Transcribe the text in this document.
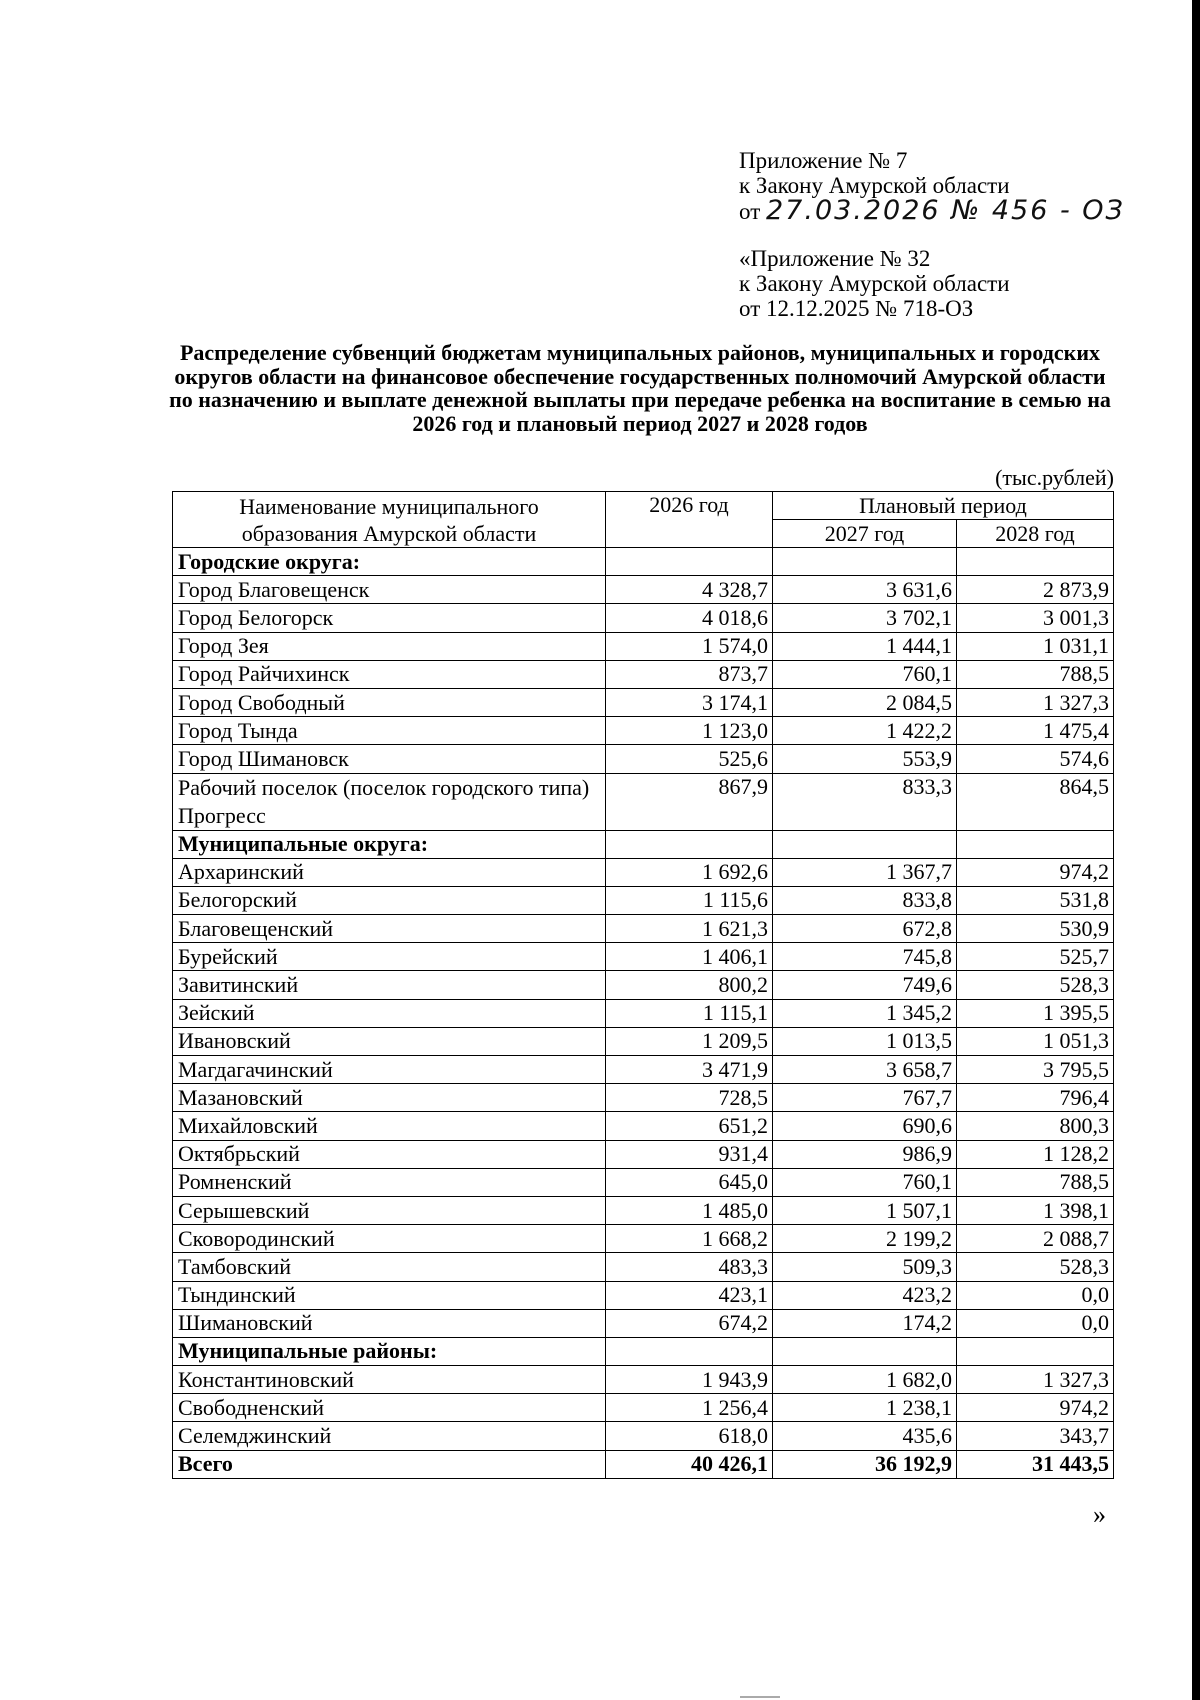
Приложение № 7
к Закону Амурской области
от 27.03.2026 № 456 - ОЗ
«Приложение № 32
к Закону Амурской области
от 12.12.2025 № 718-ОЗ
Распределение субвенций бюджетам муниципальных районов, муниципальных и городских округов области на финансовое обеспечение государственных полномочий Амурской области по назначению и выплате денежной выплаты при передаче ребенка на воспитание в семью на 2026 год и плановый период 2027 и 2028 годов
(тыс.рублей)
Наименование муниципального
образования Амурской области	2026 год	Плановый период	
		2027 год	2028 год
Городские округа:			
Город Благовещенск	4 328,7	3 631,6	2 873,9
Город Белогорск	4 018,6	3 702,1	3 001,3
Город Зея	1 574,0	1 444,1	1 031,1
Город Райчихинск	873,7	760,1	788,5
Город Свободный	3 174,1	2 084,5	1 327,3
Город Тында	1 123,0	1 422,2	1 475,4
Город Шимановск	525,6	553,9	574,6
Рабочий поселок (поселок городского типа) Прогресс	867,9	833,3	864,5
Муниципальные округа:			
Архаринский	1 692,6	1 367,7	974,2
Белогорский	1 115,6	833,8	531,8
Благовещенский	1 621,3	672,8	530,9
Бурейский	1 406,1	745,8	525,7
Завитинский	800,2	749,6	528,3
Зейский	1 115,1	1 345,2	1 395,5
Ивановский	1 209,5	1 013,5	1 051,3
Магдагачинский	3 471,9	3 658,7	3 795,5
Мазановский	728,5	767,7	796,4
Михайловский	651,2	690,6	800,3
Октябрьский	931,4	986,9	1 128,2
Ромненский	645,0	760,1	788,5
Серышевский	1 485,0	1 507,1	1 398,1
Сковородинский	1 668,2	2 199,2	2 088,7
Тамбовский	483,3	509,3	528,3
Тындинский	423,1	423,2	0,0
Шимановский	674,2	174,2	0,0
Муниципальные районы:			
Константиновский	1 943,9	1 682,0	1 327,3
Свободненский	1 256,4	1 238,1	974,2
Селемджинский	618,0	435,6	343,7
Всего	40 426,1	36 192,9	31 443,5
»
